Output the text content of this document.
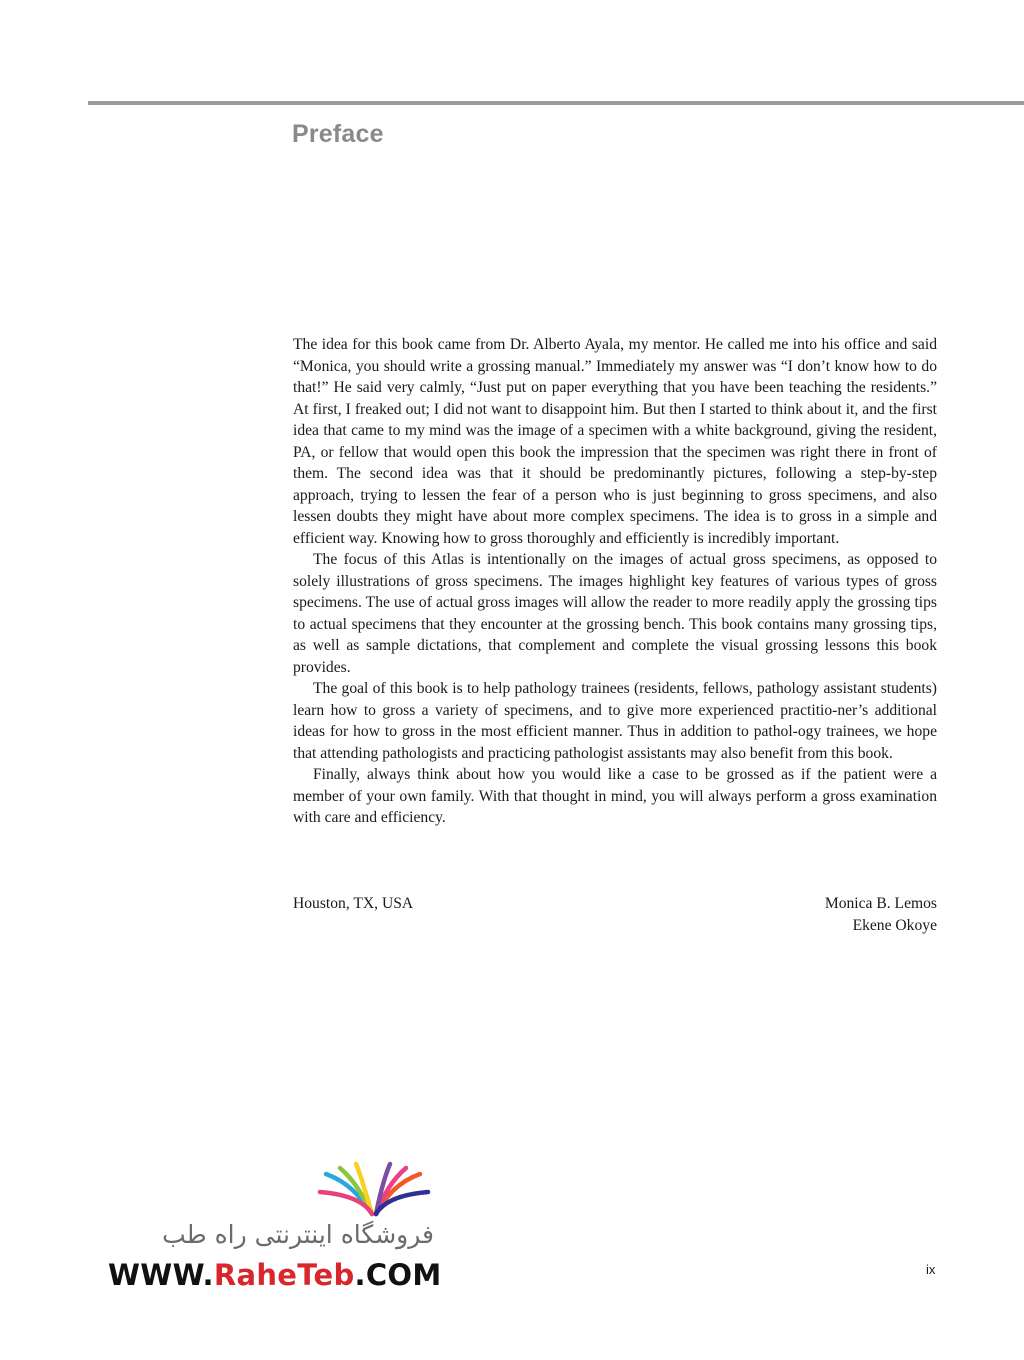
Preface

The idea for this book came from Dr. Alberto Ayala, my mentor. He called me into his office and said “Monica, you should write a grossing manual.” Immediately my answer was “I don’t know how to do that!” He said very calmly, “Just put on paper everything that you have been teaching the residents.” At first, I freaked out; I did not want to disappoint him. But then I started to think about it, and the first idea that came to my mind was the image of a specimen with a white background, giving the resident, PA, or fellow that would open this book the impression that the specimen was right there in front of them. The second idea was that it should be predominantly pictures, following a step-by-step approach, trying to lessen the fear of a person who is just beginning to gross specimens, and also lessen doubts they might have about more complex specimens. The idea is to gross in a simple and efficient way. Knowing how to gross thoroughly and efficiently is incredibly important.

The focus of this Atlas is intentionally on the images of actual gross specimens, as opposed to solely illustrations of gross specimens. The images highlight key features of various types of gross specimens. The use of actual gross images will allow the reader to more readily apply the grossing tips to actual specimens that they encounter at the grossing bench. This book contains many grossing tips, as well as sample dictations, that complement and complete the visual grossing lessons this book provides.

The goal of this book is to help pathology trainees (residents, fellows, pathology assistant students) learn how to gross a variety of specimens, and to give more experienced practitio-ner’s additional ideas for how to gross in the most efficient manner. Thus in addition to pathol-ogy trainees, we hope that attending pathologists and practicing pathologist assistants may also benefit from this book.

Finally, always think about how you would like a case to be grossed as if the patient were a member of your own family. With that thought in mind, you will always perform a gross examination with care and efficiency.

Houston, TX, USA	Monica B. Lemos
Ekene Okoye
فروشگاه اینترنتی راه طب
WWW.RaheTeb.COM	ix
